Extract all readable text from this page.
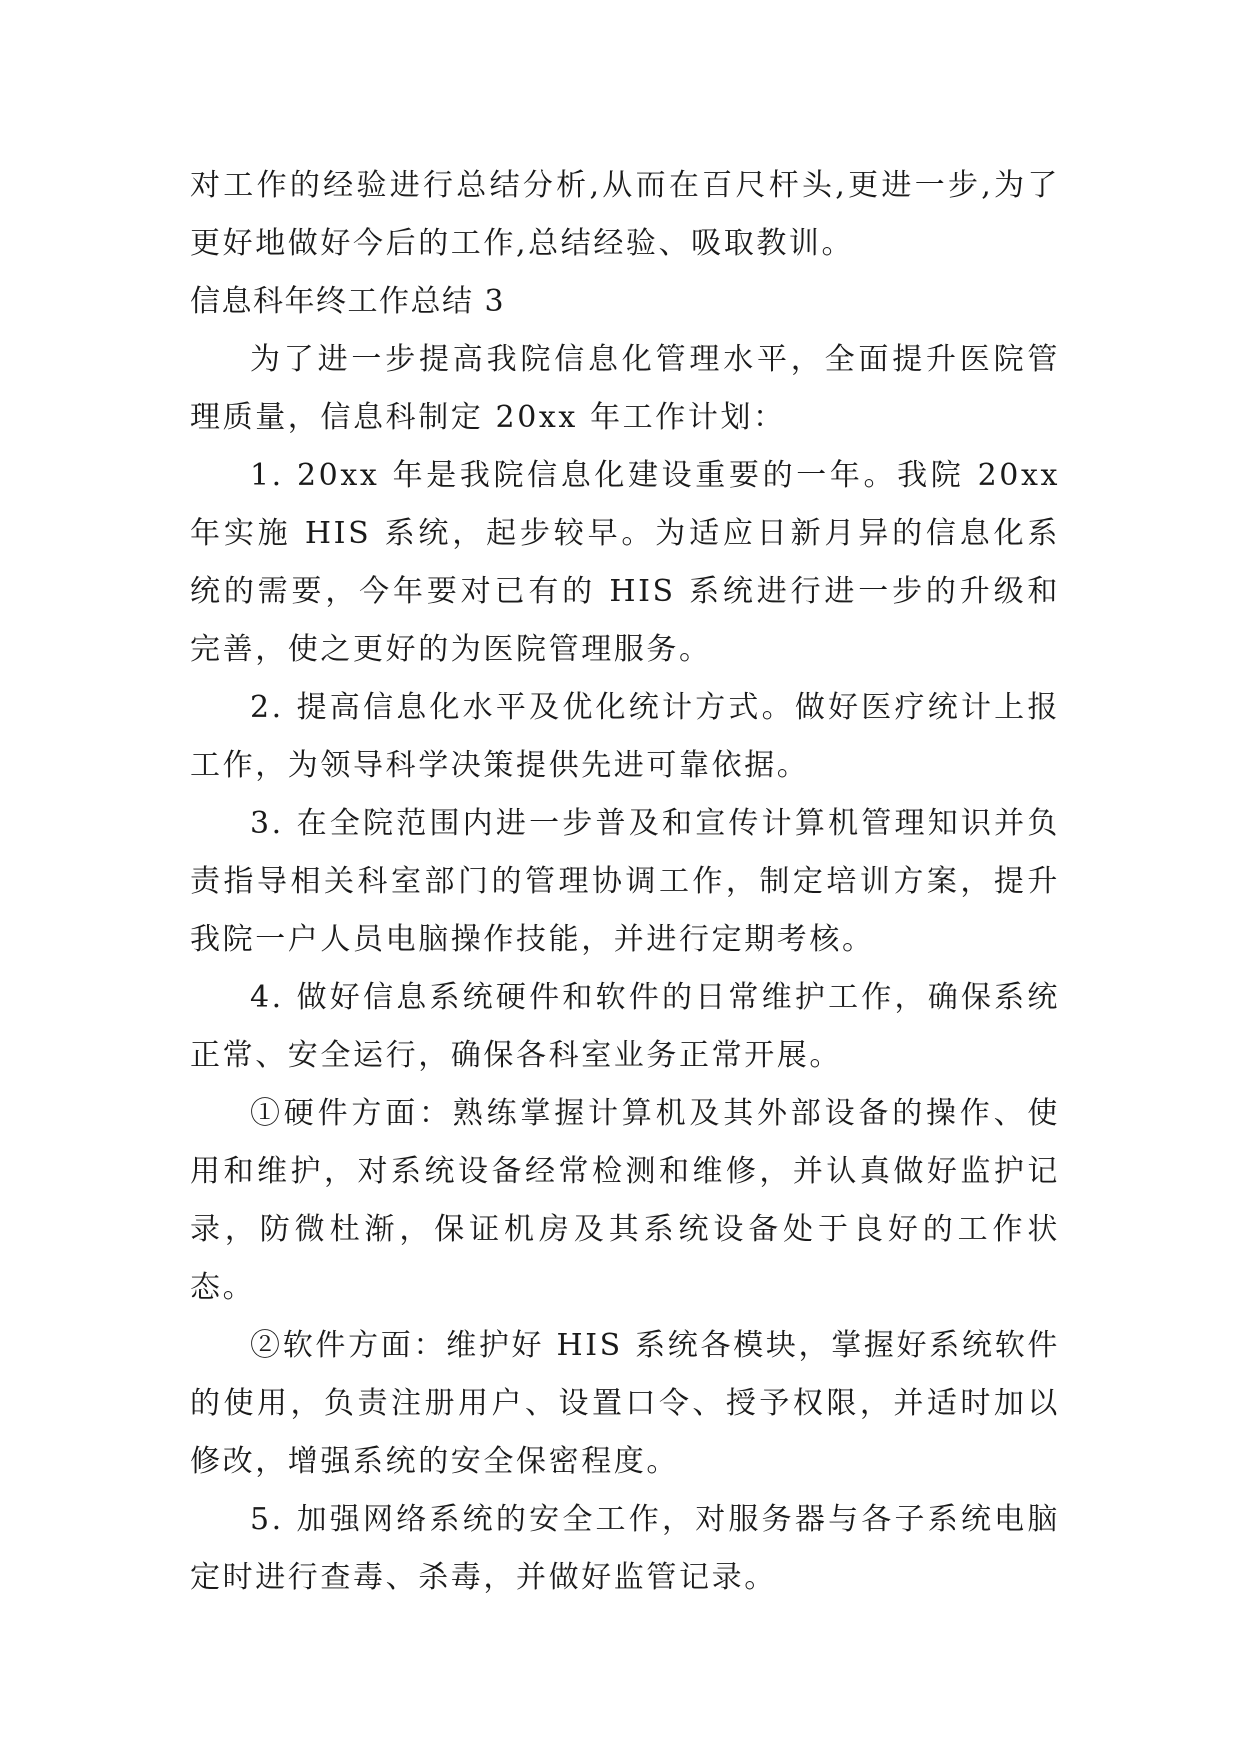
对工作的经验进行总结分析,从而在百尺杆头,更进一步,为了更好地做好今后的工作,总结经验、吸取教训。

信息科年终工作总结 3

为了进一步提高我院信息化管理水平，全面提升医院管理质量，信息科制定 20xx 年工作计划：

1. 20xx 年是我院信息化建设重要的一年。我院 20xx 年实施 HIS 系统，起步较早。为适应日新月异的信息化系统的需要，今年要对已有的 HIS 系统进行进一步的升级和完善，使之更好的为医院管理服务。

2. 提高信息化水平及优化统计方式。做好医疗统计上报工作，为领导科学决策提供先进可靠依据。

3. 在全院范围内进一步普及和宣传计算机管理知识并负责指导相关科室部门的管理协调工作，制定培训方案，提升我院一户人员电脑操作技能，并进行定期考核。

4. 做好信息系统硬件和软件的日常维护工作，确保系统正常、安全运行，确保各科室业务正常开展。

①硬件方面：熟练掌握计算机及其外部设备的操作、使用和维护，对系统设备经常检测和维修，并认真做好监护记录，防微杜渐，保证机房及其系统设备处于良好的工作状态。

②软件方面：维护好 HIS 系统各模块，掌握好系统软件的使用，负责注册用户、设置口令、授予权限，并适时加以修改，增强系统的安全保密程度。

5. 加强网络系统的安全工作，对服务器与各子系统电脑定时进行查毒、杀毒，并做好监管记录。
